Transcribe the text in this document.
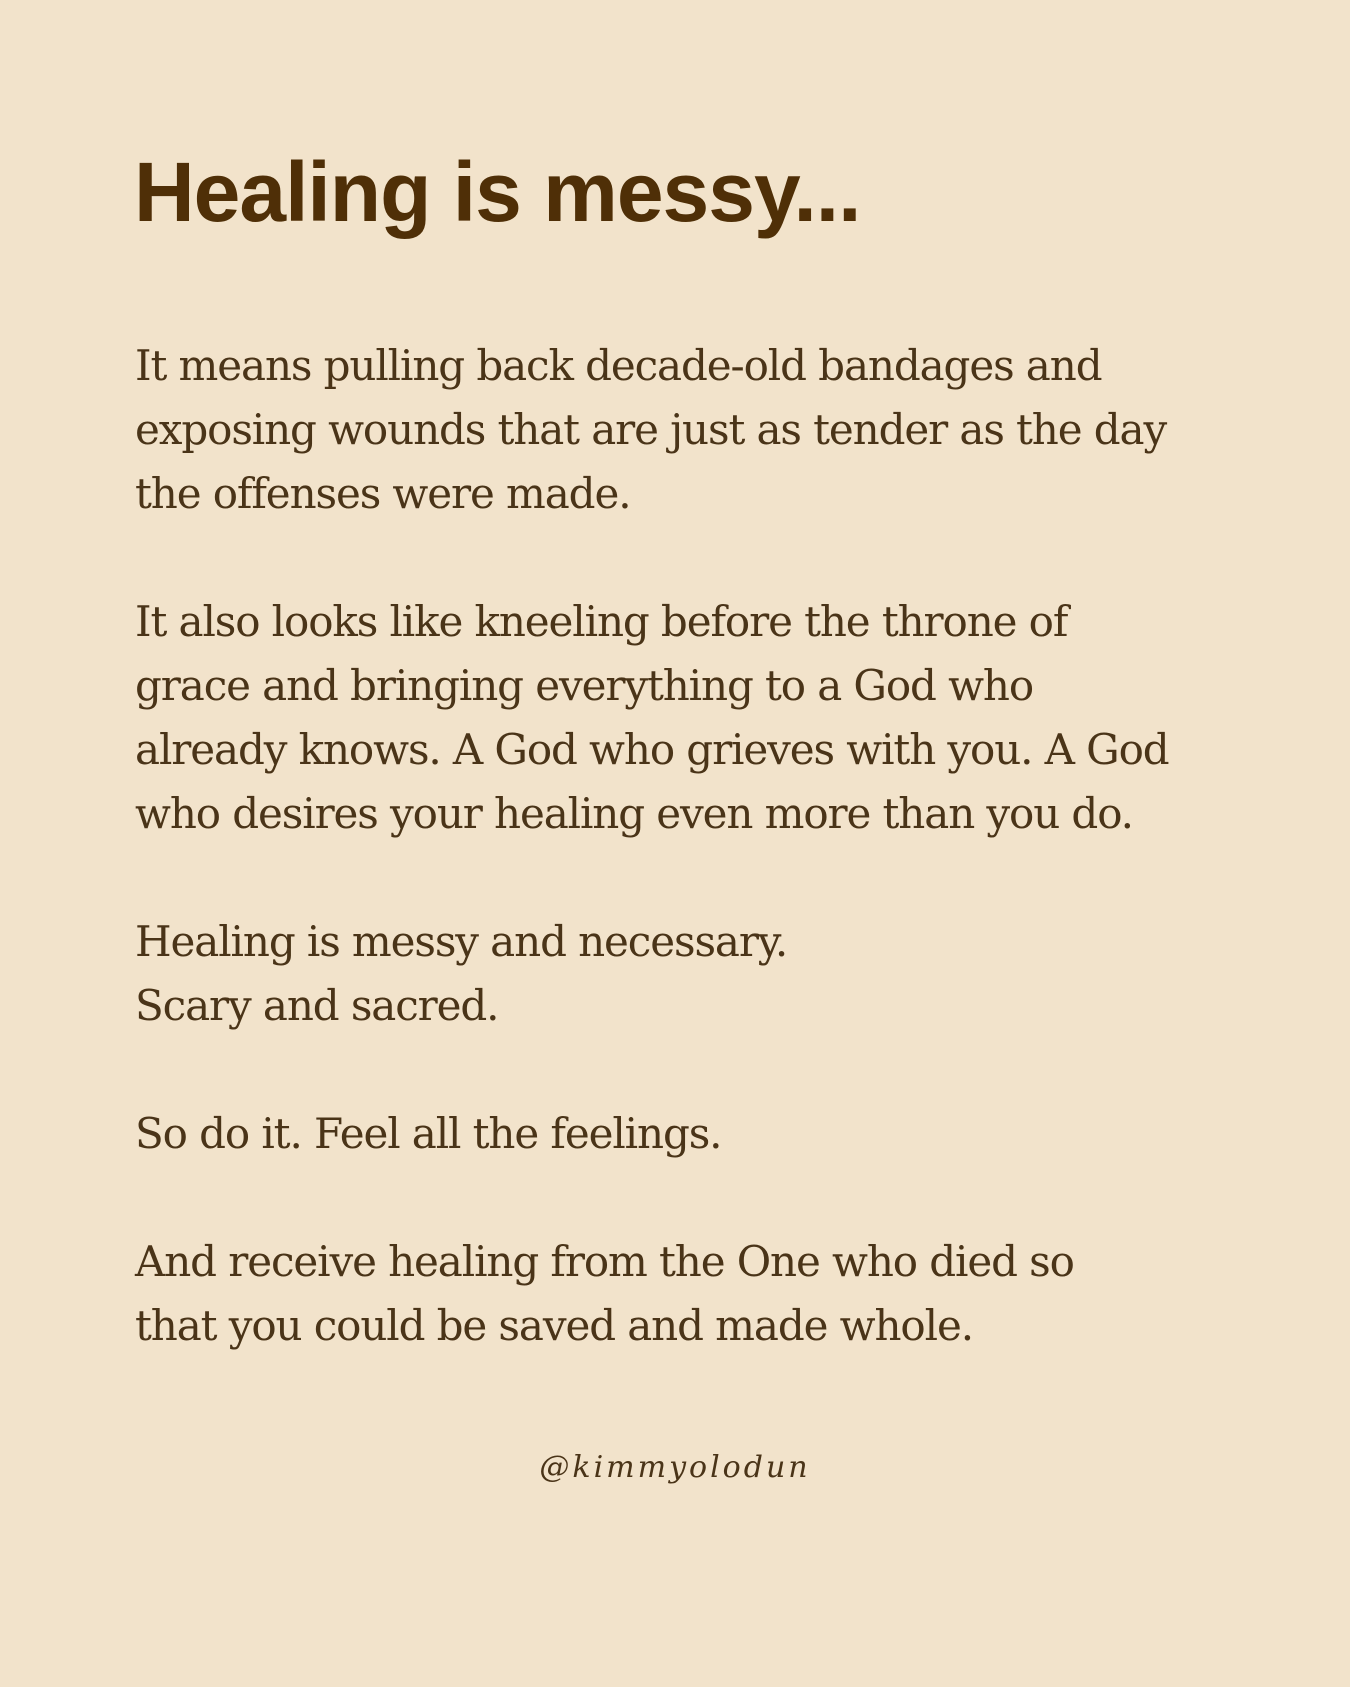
Healing is messy...

It means pulling back decade-old bandages and
exposing wounds that are just as tender as the day
the offenses were made.

It also looks like kneeling before the throne of
grace and bringing everything to a God who
already knows. A God who grieves with you. A God
who desires your healing even more than you do.

Healing is messy and necessary.
Scary and sacred.

So do it. Feel all the feelings.

And receive healing from the One who died so
that you could be saved and made whole.

@kimmyolodun
